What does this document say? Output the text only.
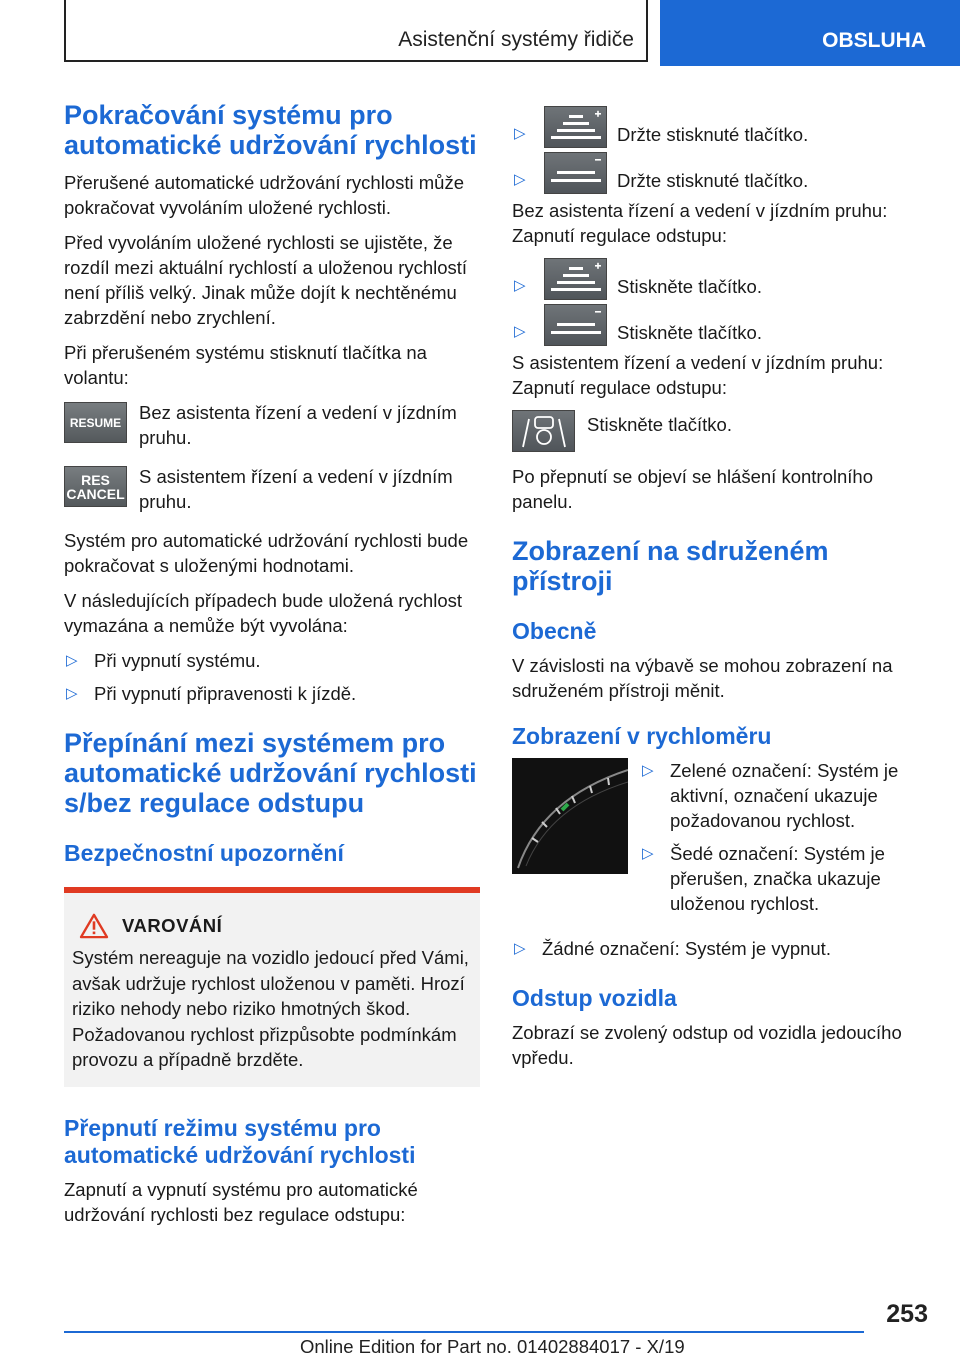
Asistenční systémy řidiče	OBSLUHA
Pokračování systému pro automatické udržování rychlosti

Přerušené automatické udržování rychlosti může pokračovat vyvoláním uložené rychlosti.

Před vyvoláním uložené rychlosti se ujistěte, že rozdíl mezi aktuální rychlostí a uloženou rychlostí není příliš velký. Jinak může dojít k nechtěnému zabrzdění nebo zrychlení.

Při přerušeném systému stisknutí tlačítka na volantu:

RESUME Bez asistenta řízení a vedení v jízdním pruhu.
RES
CANCEL
S asistentem řízení a vedení v jízdním pruhu.

Systém pro automatické udržování rychlosti bude pokračovat s uloženými hodnotami.

V následujících případech bude uložená rychlost vymazána a nemůže být vyvolána:

▷ Při vypnutí systému.
▷ Při vypnutí připravenosti k jízdě.
Přepínání mezi systémem pro automatické udržování rychlosti s/bez regulace odstupu
Bezpečnostní upozornění
VAROVÁNÍ

Systém nereaguje na vozidlo jedoucí před Vámi, avšak udržuje rychlost uloženou v paměti. Hrozí riziko nehody nebo riziko hmotných škod. Požadovanou rychlost přizpůsobte podmínkám provozu a případně brzděte.

Přepnutí režimu systému pro automatické udržování rychlosti

Zapnutí a vypnutí systému pro automatické udržování rychlosti bez regulace odstupu:

▷	Držte stisknuté tlačítko.
▷	Držte stisknuté tlačítko.

Bez asistenta řízení a vedení v jízdním pruhu: Zapnutí regulace odstupu:

▷	Stiskněte tlačítko.
▷	Stiskněte tlačítko.

S asistentem řízení a vedení v jízdním pruhu: Zapnutí regulace odstupu:

Stiskněte tlačítko.

Po přepnutí se objeví se hlášení kontrolního panelu.

Zobrazení na sdruženém přístroji
Obecně

V závislosti na výbavě se mohou zobrazení na sdruženém přístroji měnit.

Zobrazení v rychloměru
▷ Zelené označení: Systém je aktivní, označení ukazuje požadovanou rychlost.
▷ Šedé označení: Systém je přerušen, značka ukazuje uloženou rychlost.
▷ Žádné označení: Systém je vypnut.
Odstup vozidla

Zobrazí se zvolený odstup od vozidla jedoucího vpředu.

253
Online Edition for Part no. 01402884017 - X/19
